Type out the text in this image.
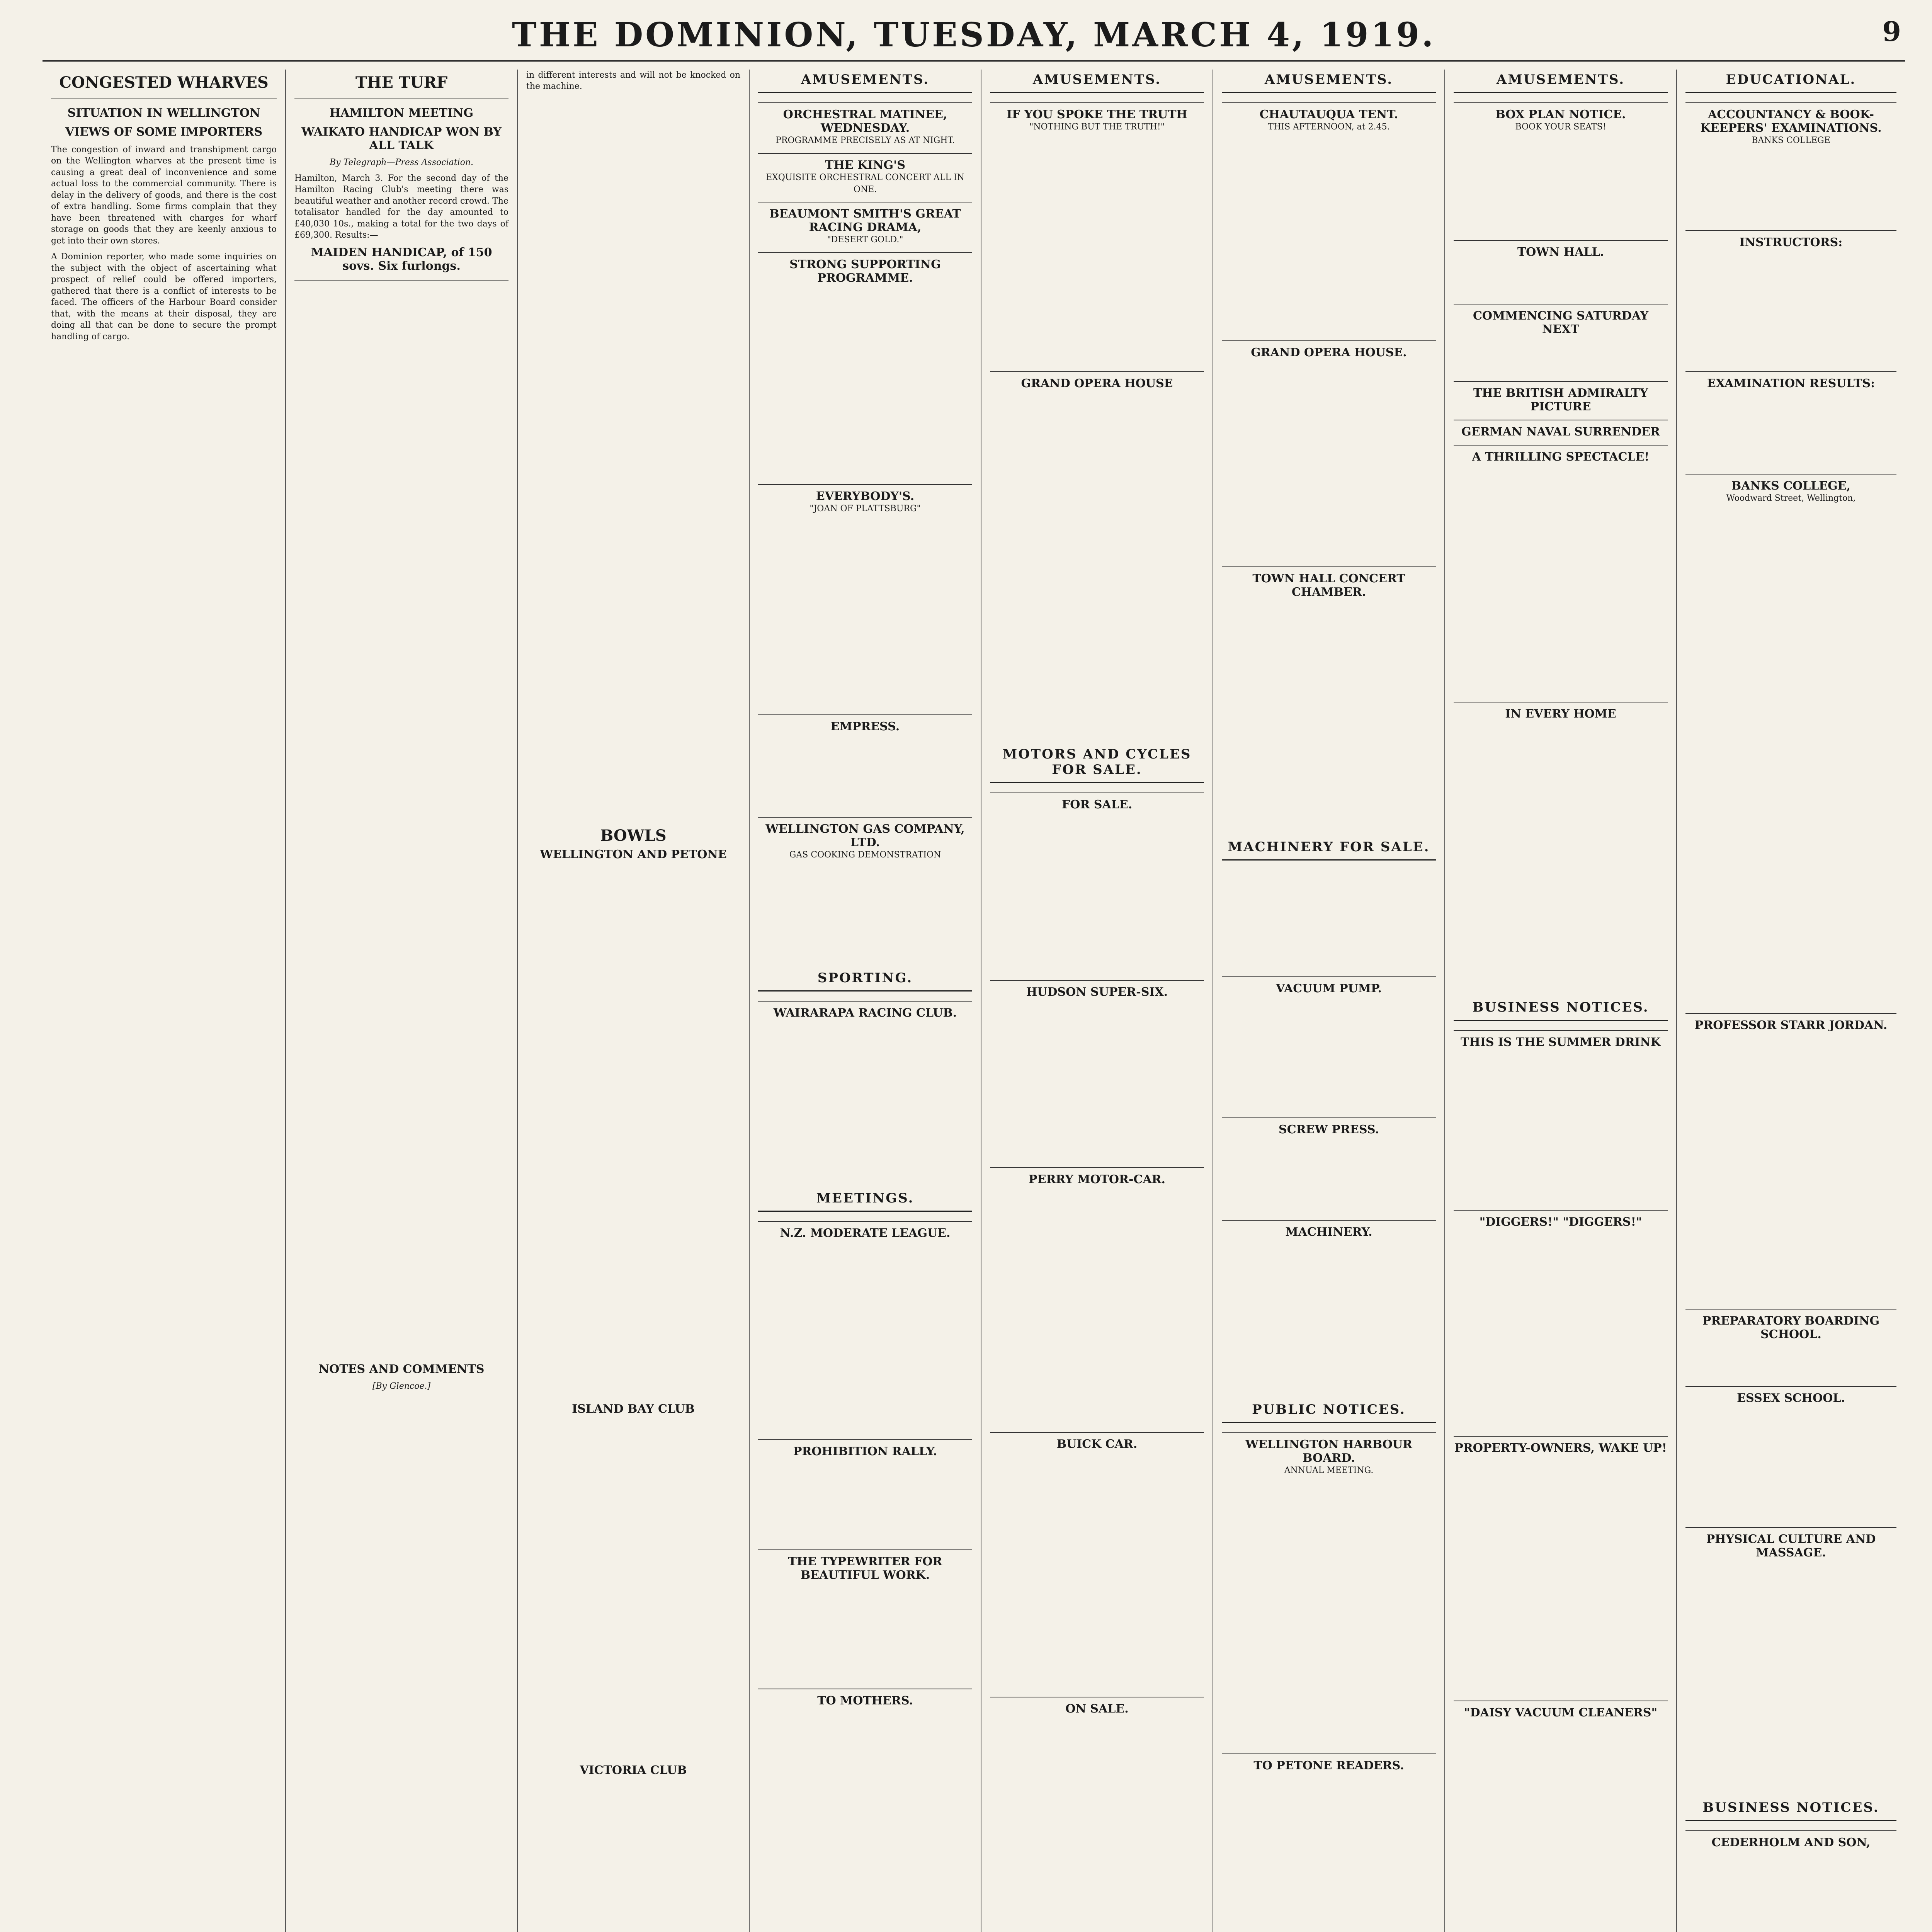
THE DOMINION, TUESDAY, MARCH 4, 1919.	9
CONGESTED WHARVES
SITUATION IN WELLINGTON
VIEWS OF SOME IMPORTERS

The congestion of inward and transhipment cargo on the Wellington wharves at the present time is causing a great deal of inconvenience and some actual loss to the commercial community. There is delay in the delivery of goods, and there is the cost of extra handling. Some firms complain that they have been threatened with charges for wharf storage on goods that they are keenly anxious to get into their own stores.

A Dominion reporter, who made some inquiries on the subject with the object of ascertaining what prospect of relief could be offered importers, gathered that there is a conflict of interests to be faced. The officers of the Harbour Board consider that, with the means at their disposal, they are doing all that can be done to secure the prompt handling of cargo.

THE TURF
HAMILTON MEETING
WAIKATO HANDICAP WON BY ALL TALK
By Telegraph—Press Association.

Hamilton, March 3. For the second day of the Hamilton Racing Club's meeting there was beautiful weather and another record crowd. The totalisator handled for the day amounted to £40,030 10s., making a total for the two days of £69,300. Results:—

MAIDEN HANDICAP, of 150 sovs. Six furlongs.
NOTES AND COMMENTS
[By Glencoe.]

in different interests and will not be knocked on the machine.

BOWLS
WELLINGTON AND PETONE
ISLAND BAY CLUB
VICTORIA CLUB
AMUSEMENTS.
ORCHESTRAL MATINEE, WEDNESDAY.
PROGRAMME PRECISELY AS AT NIGHT.
THE KING'S
EXQUISITE ORCHESTRAL CONCERT ALL IN ONE.
BEAUMONT SMITH'S GREAT RACING DRAMA,
"DESERT GOLD."
STRONG SUPPORTING PROGRAMME.
EVERYBODY'S.
"JOAN OF PLATTSBURG"
EMPRESS.
WELLINGTON GAS COMPANY, LTD.
GAS COOKING DEMONSTRATION
SPORTING.
WAIRARAPA RACING CLUB.
MEETINGS.
N.Z. MODERATE LEAGUE.
PROHIBITION RALLY.
THE TYPEWRITER FOR BEAUTIFUL WORK.
TO MOTHERS.
AMUSEMENTS.
IF YOU SPOKE THE TRUTH
"NOTHING BUT THE TRUTH!"
GRAND OPERA HOUSE
MOTORS AND CYCLES FOR SALE.
FOR SALE.
HUDSON SUPER-SIX.
PERRY MOTOR-CAR.
BUICK CAR.
ON SALE.
AMUSEMENTS.
CHAUTAUQUA TENT.
THIS AFTERNOON, at 2.45.
GRAND OPERA HOUSE.
TOWN HALL CONCERT CHAMBER.
MACHINERY FOR SALE.
VACUUM PUMP.
SCREW PRESS.
MACHINERY.
PUBLIC NOTICES.
WELLINGTON HARBOUR BOARD.
ANNUAL MEETING.
TO PETONE READERS.
AMUSEMENTS.
BOX PLAN NOTICE.
BOOK YOUR SEATS!
TOWN HALL.
COMMENCING SATURDAY NEXT
THE BRITISH ADMIRALTY PICTURE
GERMAN NAVAL SURRENDER
A THRILLING SPECTACLE!
IN EVERY HOME
BUSINESS NOTICES.
THIS IS THE SUMMER DRINK
"DIGGERS!" "DIGGERS!"
PROPERTY-OWNERS, WAKE UP!
"DAISY VACUUM CLEANERS"
EDUCATIONAL.
ACCOUNTANCY & BOOK-KEEPERS' EXAMINATIONS.
BANKS COLLEGE
INSTRUCTORS:
EXAMINATION RESULTS:
BANKS COLLEGE,
Woodward Street, Wellington,
PROFESSOR STARR JORDAN.
PREPARATORY BOARDING SCHOOL.
ESSEX SCHOOL.
PHYSICAL CULTURE AND MASSAGE.
BUSINESS NOTICES.
CEDERHOLM AND SON,
